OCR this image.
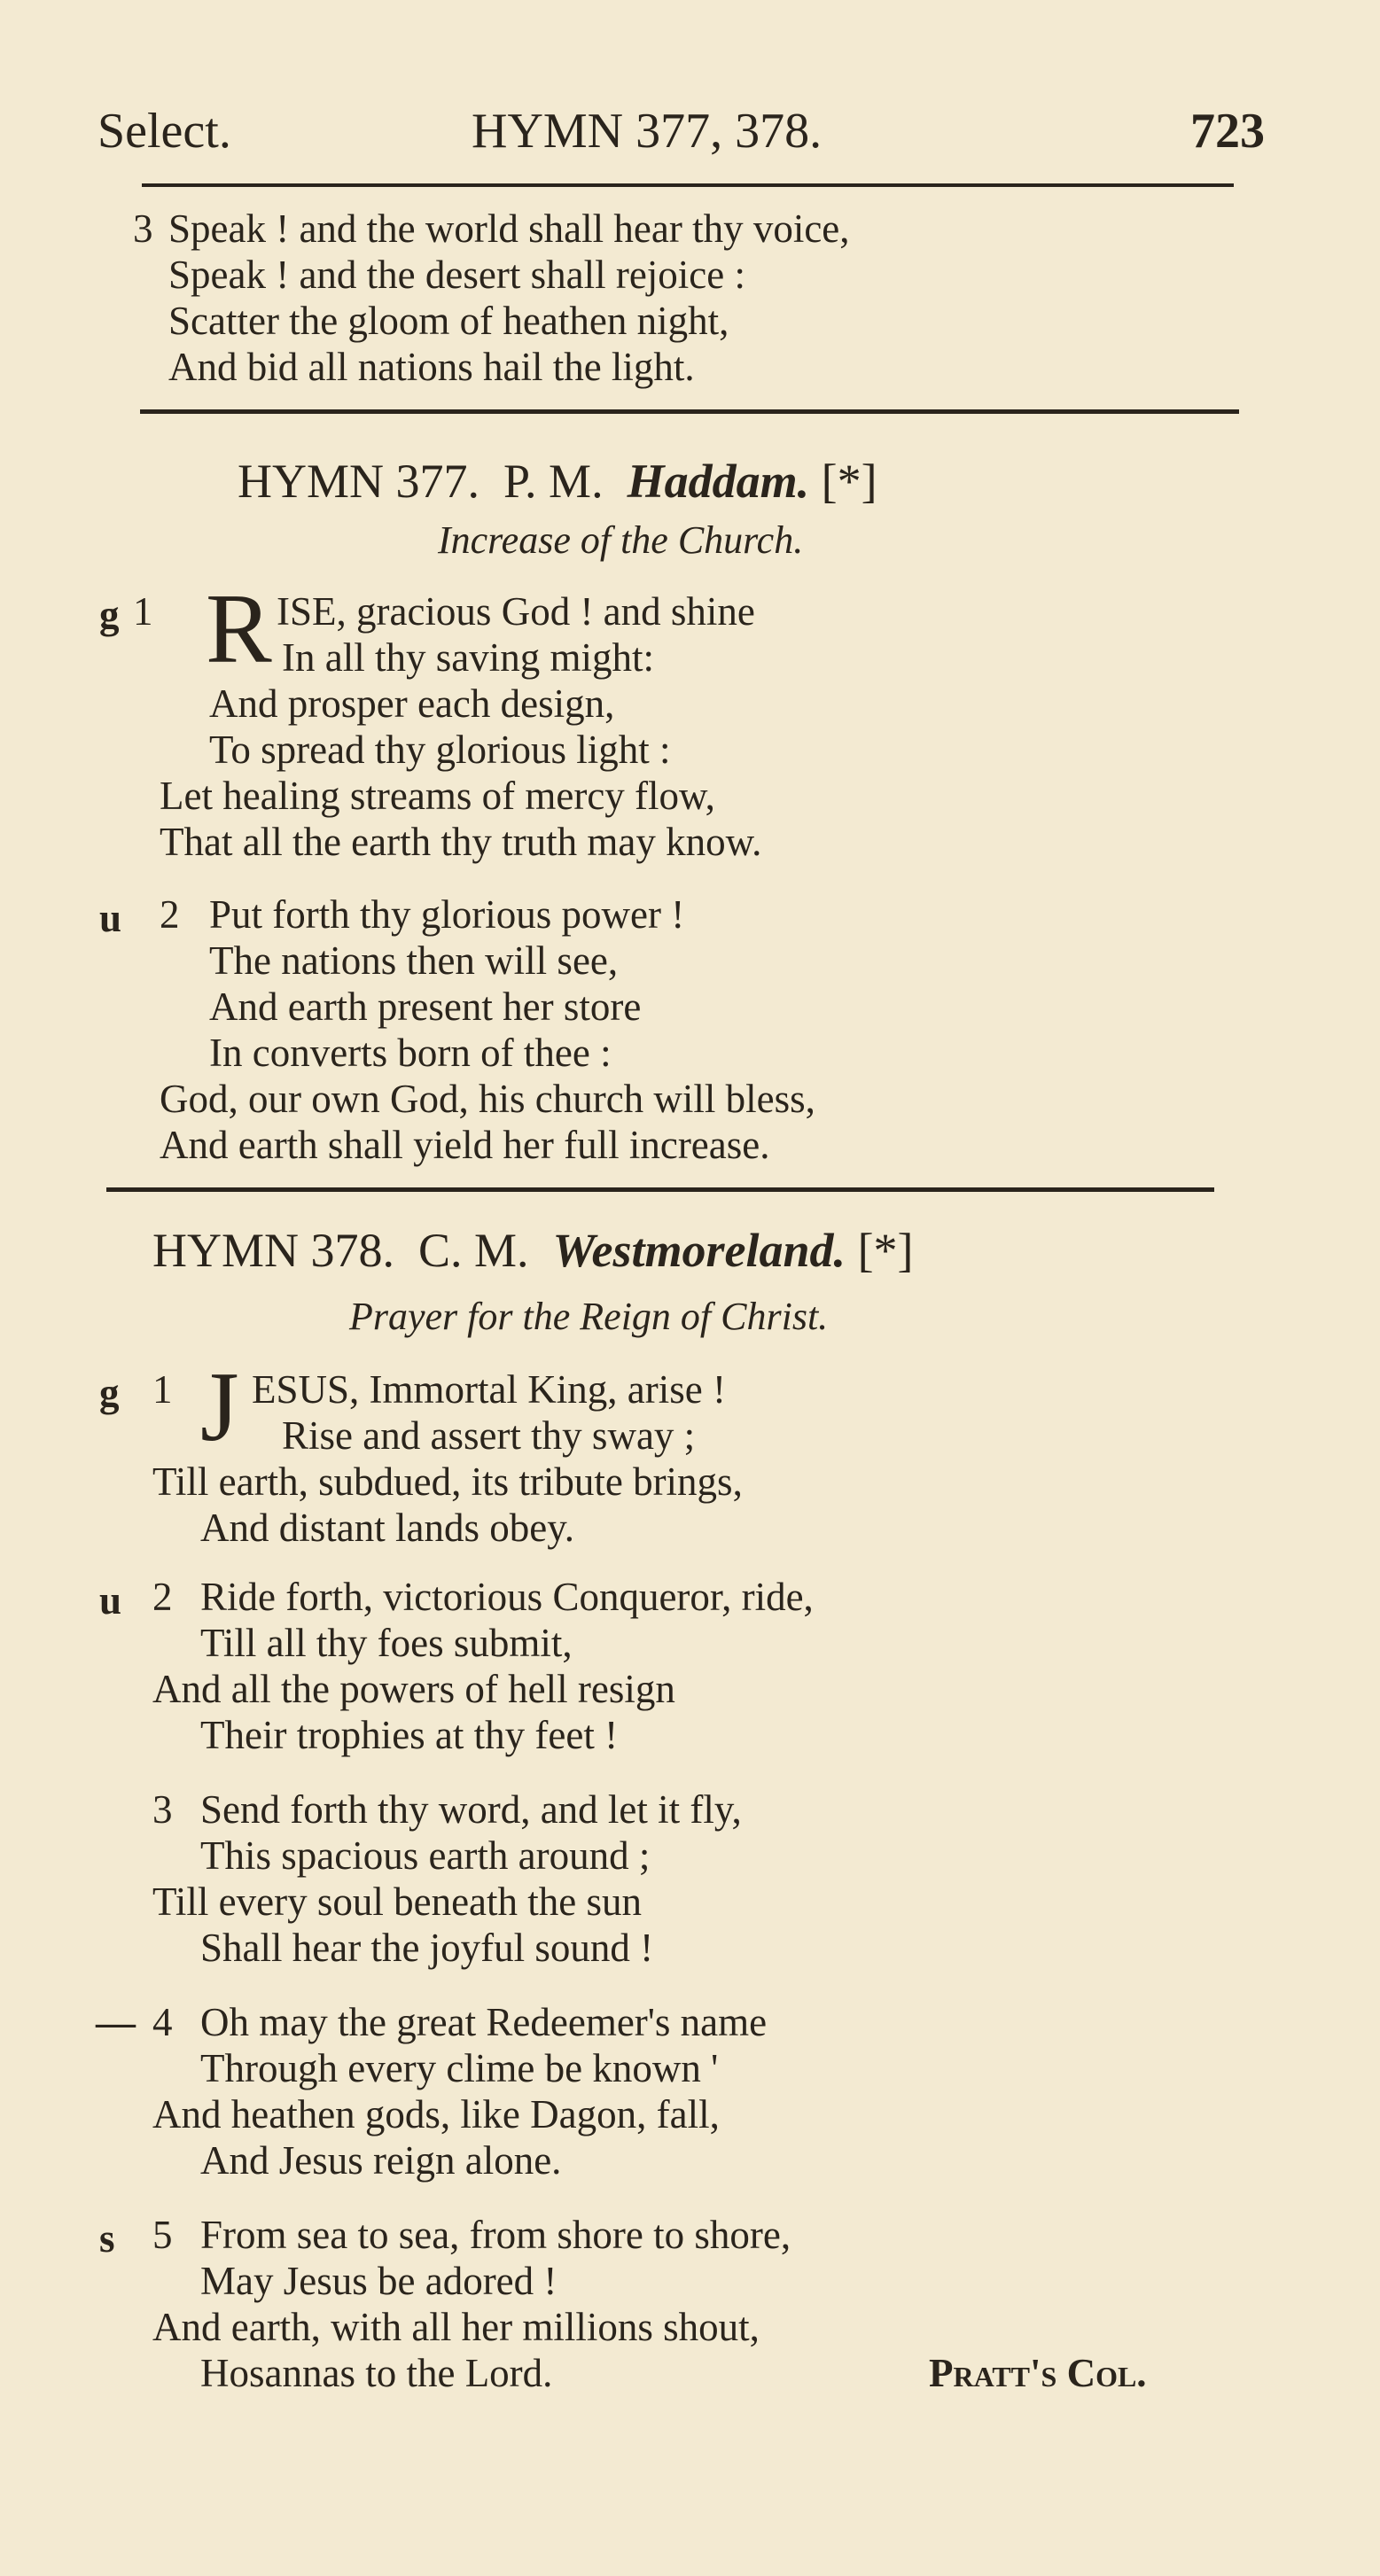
Select.	HYMN 377, 378.	723
3 Speak ! and the world shall hear thy voice,
Speak ! and the desert shall rejoice :
Scatter the gloom of heathen night,
And bid all nations hail the light.
HYMN 377.  P. M. Haddam. [*]
Increase of the Church.
g 1 R ISE, gracious God ! and shine
In all thy saving might:
And prosper each design,
To spread thy glorious light :
Let healing streams of mercy flow,
That all the earth thy truth may know.
u 2 Put forth thy glorious power !
The nations then will see,
And earth present her store
In converts born of thee :
God, our own God, his church will bless,
And earth shall yield her full increase.
HYMN 378.  C. M. Westmoreland. [*]
Prayer for the Reign of Christ.
g 1 J ESUS, Immortal King, arise !
Rise and assert thy sway ;
Till earth, subdued, its tribute brings,
And distant lands obey.
u 2 Ride forth, victorious Conqueror, ride,
Till all thy foes submit,
And all the powers of hell resign
Their trophies at thy feet !
3 Send forth thy word, and let it fly,
This spacious earth around ;
Till every soul beneath the sun
Shall hear the joyful sound !
— 4 Oh may the great Redeemer's name
Through every clime be known '
And heathen gods, like Dagon, fall,
And Jesus reign alone.
s 5 From sea to sea, from shore to shore,
May Jesus be adored !
And earth, with all her millions shout,
Hosannas to the Lord.	Pratt's Col.
